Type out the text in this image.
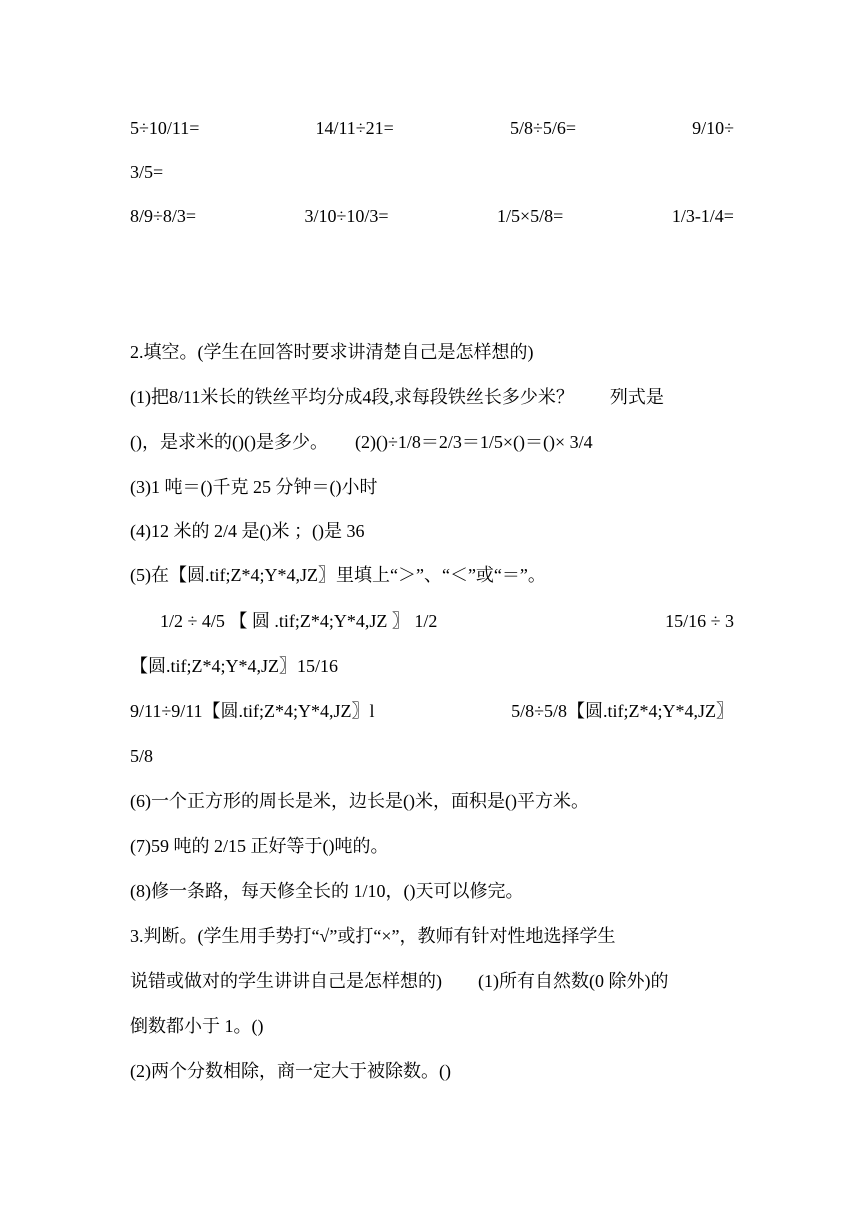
5÷10/11=	14/11÷21=	5/8÷5/6=	9/10÷
3/5=
8/9÷8/3=	3/10÷10/3=	1/5×5/8=	1/3-1/4=
2.填空。(学生在回答时要求讲清楚自己是怎样想的)
(1)把8/11米长的铁丝平均分成4段,求每段铁丝长多少米？　　列式是
()，是求米的()()是多少。　　(2)()÷1/8＝2/3＝1/5×()＝()× 3/4
(3)1 吨＝()千克 25 分钟＝()小时
(4)12 米的 2/4 是()米 ；()是 36
(5)在【圆.tif;Z*4;Y*4,JZ〗里填上“＞”、“＜”或“＝”。
1/2 ÷ 4/5 【 圆 .tif;Z*4;Y*4,JZ 〗 1/2	15/16 ÷ 3
【圆.tif;Z*4;Y*4,JZ〗15/16
9/11÷9/11【圆.tif;Z*4;Y*4,JZ〗l	5/8÷5/8【圆.tif;Z*4;Y*4,JZ〗
5/8
(6)一个正方形的周长是米，边长是()米，面积是()平方米。
(7)59 吨的 2/15 正好等于()吨的。
(8)修一条路，每天修全长的 1/10，()天可以修完。
3.判断。(学生用手势打“√”或打“×”，教师有针对性地选择学生
说错或做对的学生讲讲自己是怎样想的)　　(1)所有自然数(0 除外)的
倒数都小于 1。()
(2)两个分数相除，商一定大于被除数。()
